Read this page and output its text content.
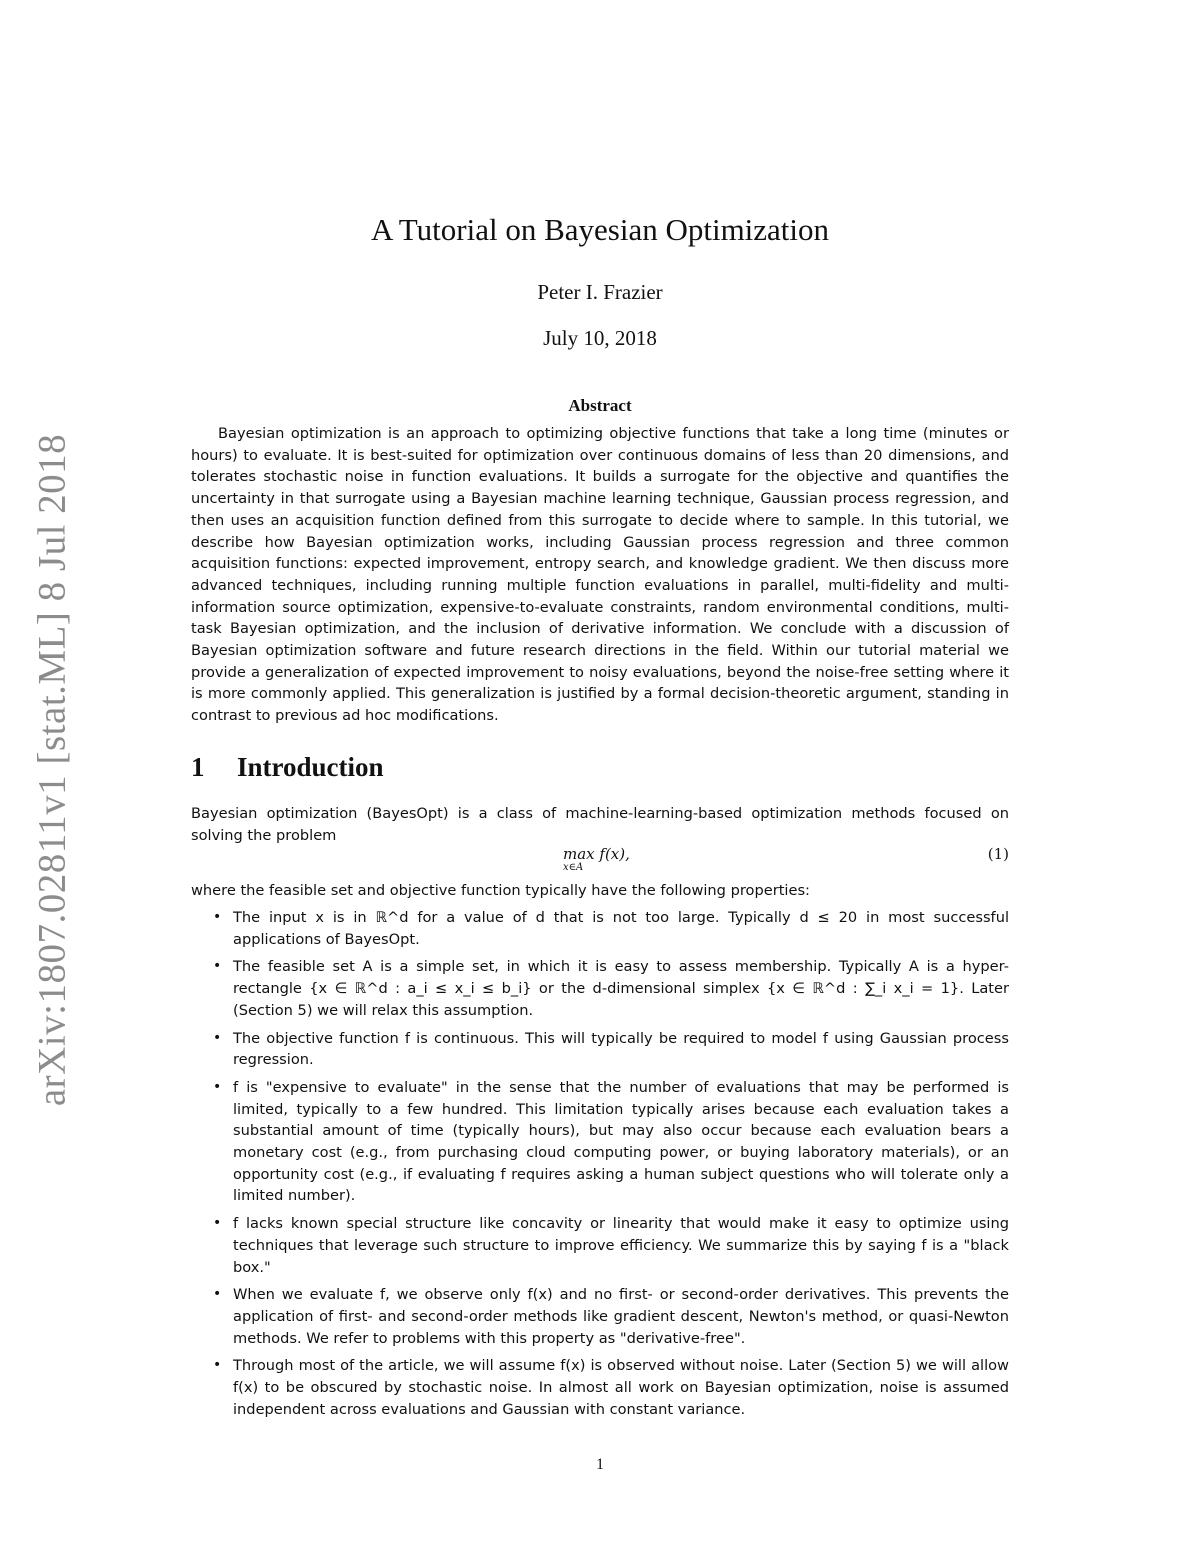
arXiv:1807.02811v1 [stat.ML] 8 Jul 2018
A Tutorial on Bayesian Optimization
Peter I. Frazier
July 10, 2018
Abstract
Bayesian optimization is an approach to optimizing objective functions that take a long time (minutes or hours) to evaluate. It is best-suited for optimization over continuous domains of less than 20 dimensions, and tolerates stochastic noise in function evaluations. It builds a surrogate for the objective and quantifies the uncertainty in that surrogate using a Bayesian machine learning technique, Gaussian process regression, and then uses an acquisition function defined from this surrogate to decide where to sample. In this tutorial, we describe how Bayesian optimization works, including Gaussian process regression and three common acquisition functions: expected improvement, entropy search, and knowledge gradient. We then discuss more advanced techniques, including running multiple function evaluations in parallel, multi-fidelity and multi-information source optimization, expensive-to-evaluate constraints, random environmental conditions, multi-task Bayesian optimization, and the inclusion of derivative information. We conclude with a discussion of Bayesian optimization software and future research directions in the field. Within our tutorial material we provide a generalization of expected improvement to noisy evaluations, beyond the noise-free setting where it is more commonly applied. This generalization is justified by a formal decision-theoretic argument, standing in contrast to previous ad hoc modifications.
1 Introduction
Bayesian optimization (BayesOpt) is a class of machine-learning-based optimization methods focused on solving the problem
max f(x),
x∈A
(1)
where the feasible set and objective function typically have the following properties:
• The input x is in ℝ^d for a value of d that is not too large. Typically d ≤ 20 in most successful applications of BayesOpt.
• The feasible set A is a simple set, in which it is easy to assess membership. Typically A is a hyper-rectangle {x ∈ ℝ^d : a_i ≤ x_i ≤ b_i} or the d-dimensional simplex {x ∈ ℝ^d : ∑_i x_i = 1}. Later (Section 5) we will relax this assumption.
• The objective function f is continuous. This will typically be required to model f using Gaussian process regression.
• f is "expensive to evaluate" in the sense that the number of evaluations that may be performed is limited, typically to a few hundred. This limitation typically arises because each evaluation takes a substantial amount of time (typically hours), but may also occur because each evaluation bears a monetary cost (e.g., from purchasing cloud computing power, or buying laboratory materials), or an opportunity cost (e.g., if evaluating f requires asking a human subject questions who will tolerate only a limited number).
• f lacks known special structure like concavity or linearity that would make it easy to optimize using techniques that leverage such structure to improve efficiency. We summarize this by saying f is a "black box."
• When we evaluate f, we observe only f(x) and no first- or second-order derivatives. This prevents the application of first- and second-order methods like gradient descent, Newton's method, or quasi-Newton methods. We refer to problems with this property as "derivative-free".
• Through most of the article, we will assume f(x) is observed without noise. Later (Section 5) we will allow f(x) to be obscured by stochastic noise. In almost all work on Bayesian optimization, noise is assumed independent across evaluations and Gaussian with constant variance.
1
